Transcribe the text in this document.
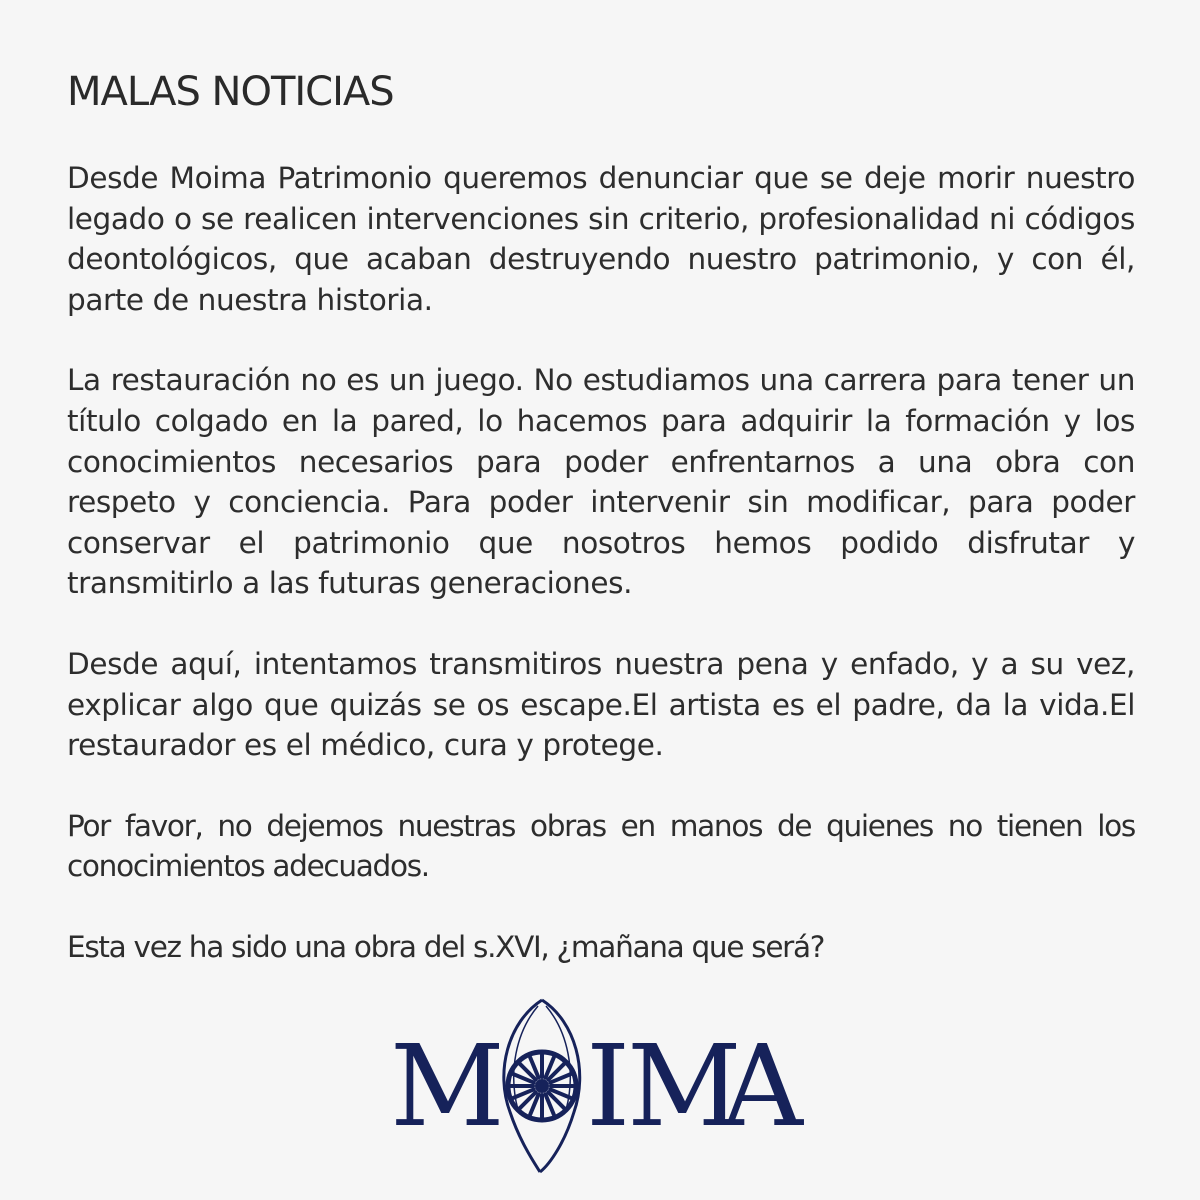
MALAS NOTICIAS

Desde Moima Patrimonio queremos denunciar que se deje morir nuestro legado o se realicen intervenciones sin criterio, profesionalidad ni códigos deontológicos, que acaban destruyendo nuestro patrimonio, y con él, parte de nuestra historia.

La restauración no es un juego. No estudiamos una carrera para tener un título colgado en la pared, lo hacemos para adquirir la formación y los conocimientos necesarios para poder enfrentarnos a una obra con respeto y conciencia. Para poder intervenir sin modificar, para poder conservar el patrimonio que nosotros hemos podido disfrutar y transmitirlo a las futuras generaciones.

Desde aquí, intentamos transmitiros nuestra pena y enfado, y a su vez, explicar algo que quizás se os escape.El artista es el padre, da la vida.El restaurador es el médico, cura y protege.

Por favor, no dejemos nuestras obras en manos de quienes no tienen los conocimientos adecuados.

Esta vez ha sido una obra del s.XVI, ¿mañana que será?

M I
M
A
